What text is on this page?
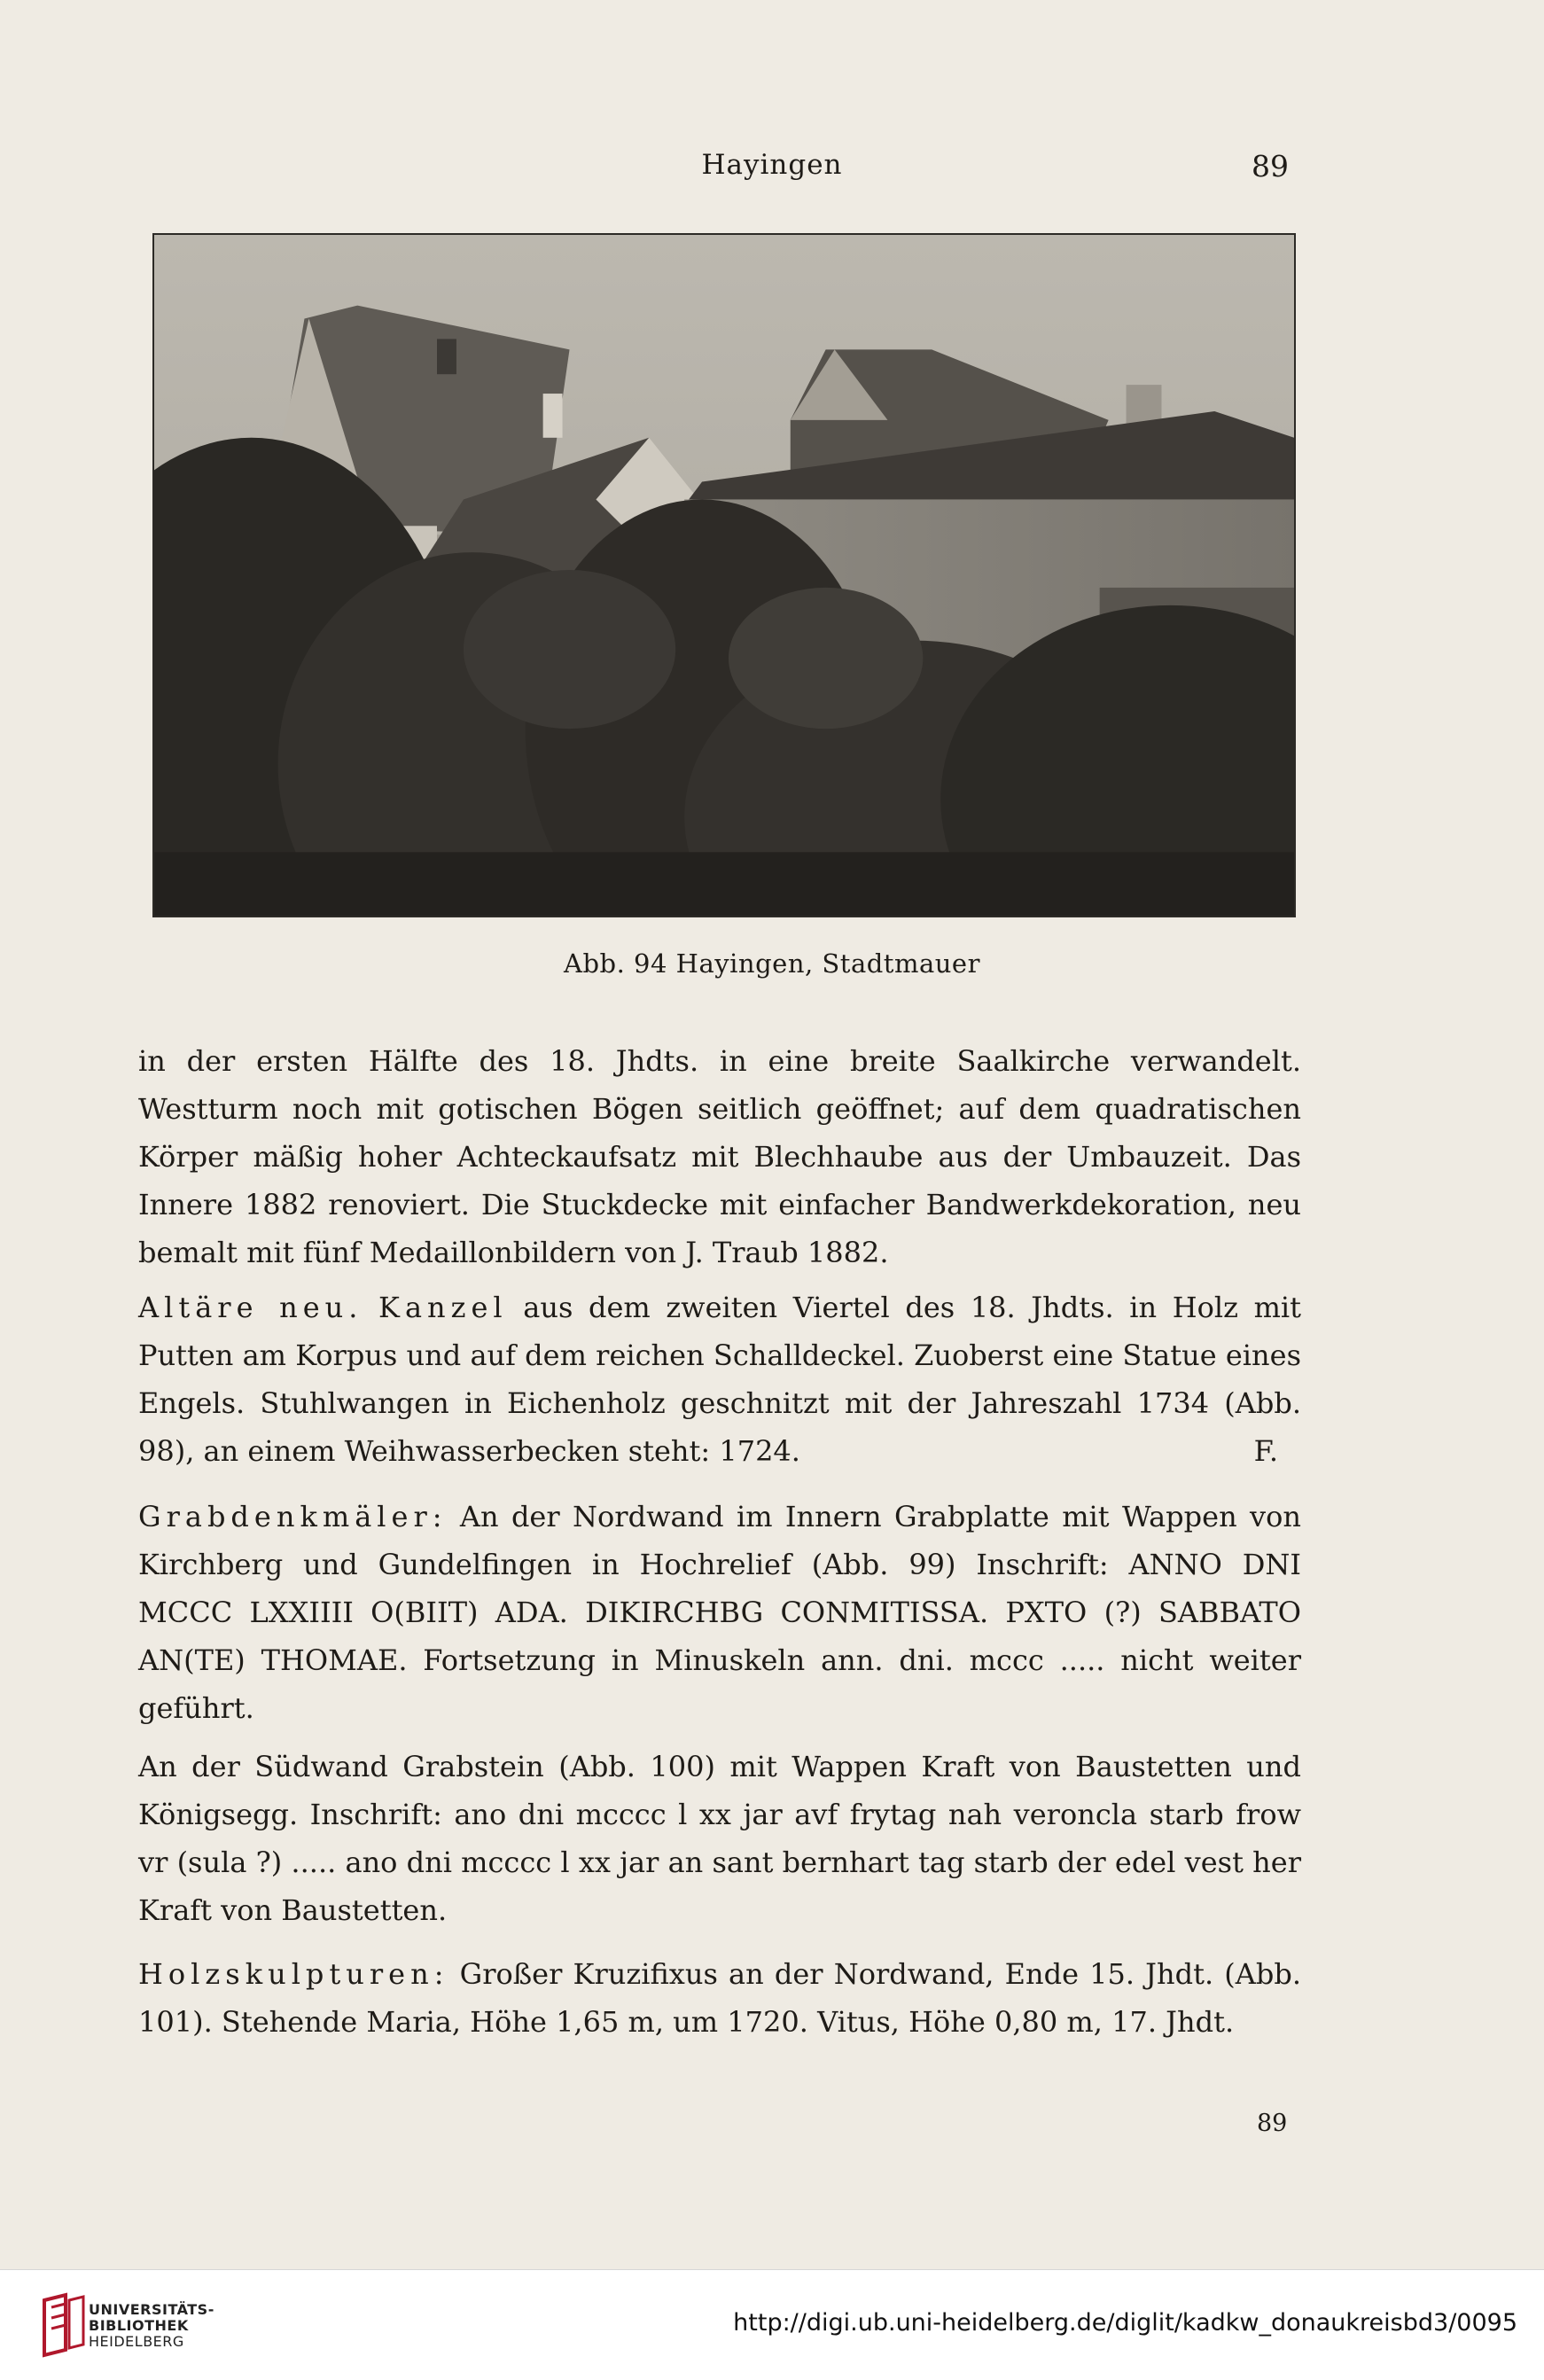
Hayingen	89
Abb. 94 Hayingen, Stadtmauer

in der ersten Hälfte des 18. Jhdts. in eine breite Saalkirche verwandelt. Westturm noch mit gotischen Bögen seitlich geöffnet; auf dem quadratischen Körper mäßig hoher Achteckaufsatz mit Blechhaube aus der Umbauzeit. Das Innere 1882 renoviert. Die Stuckdecke mit einfacher Bandwerkdekoration, neu bemalt mit fünf Medaillonbildern von J. Traub 1882.

Altäre neu. Kanzel aus dem zweiten Viertel des 18. Jhdts. in Holz mit Putten am Korpus und auf dem reichen Schalldeckel. Zuoberst eine Statue eines Engels. Stuhlwangen in Eichenholz geschnitzt mit der Jahreszahl 1734 (Abb. 98), an einem Weihwasserbecken steht: 1724.	F.

Grabdenkmäler: An der Nordwand im Innern Grabplatte mit Wappen von Kirchberg und Gundelfingen in Hochrelief (Abb. 99) Inschrift: ANNO DNI MCCC LXXIIII O(BIIT) ADA. DIKIRCHBG CONMITISSA. PXTO (?) SABBATO AN(TE) THOMAE. Fortsetzung in Minuskeln ann. dni. mccc ..... nicht weiter geführt.

An der Südwand Grabstein (Abb. 100) mit Wappen Kraft von Baustetten und Königsegg. Inschrift: ano dni mcccc l xx jar avf frytag nah veroncla starb frow vr (sula ?) ..... ano dni mcccc l xx jar an sant bernhart tag starb der edel vest her Kraft von Baustetten.

Holzskulpturen: Großer Kruzifixus an der Nordwand, Ende 15. Jhdt. (Abb. 101). Stehende Maria, Höhe 1,65 m, um 1720. Vitus, Höhe 0,80 m, 17. Jhdt.

89
UNIVERSITÄTS-
BIBLIOTHEK
HEIDELBERG
http://digi.ub.uni-heidelberg.de/diglit/kadkw_donaukreisbd3/0095
